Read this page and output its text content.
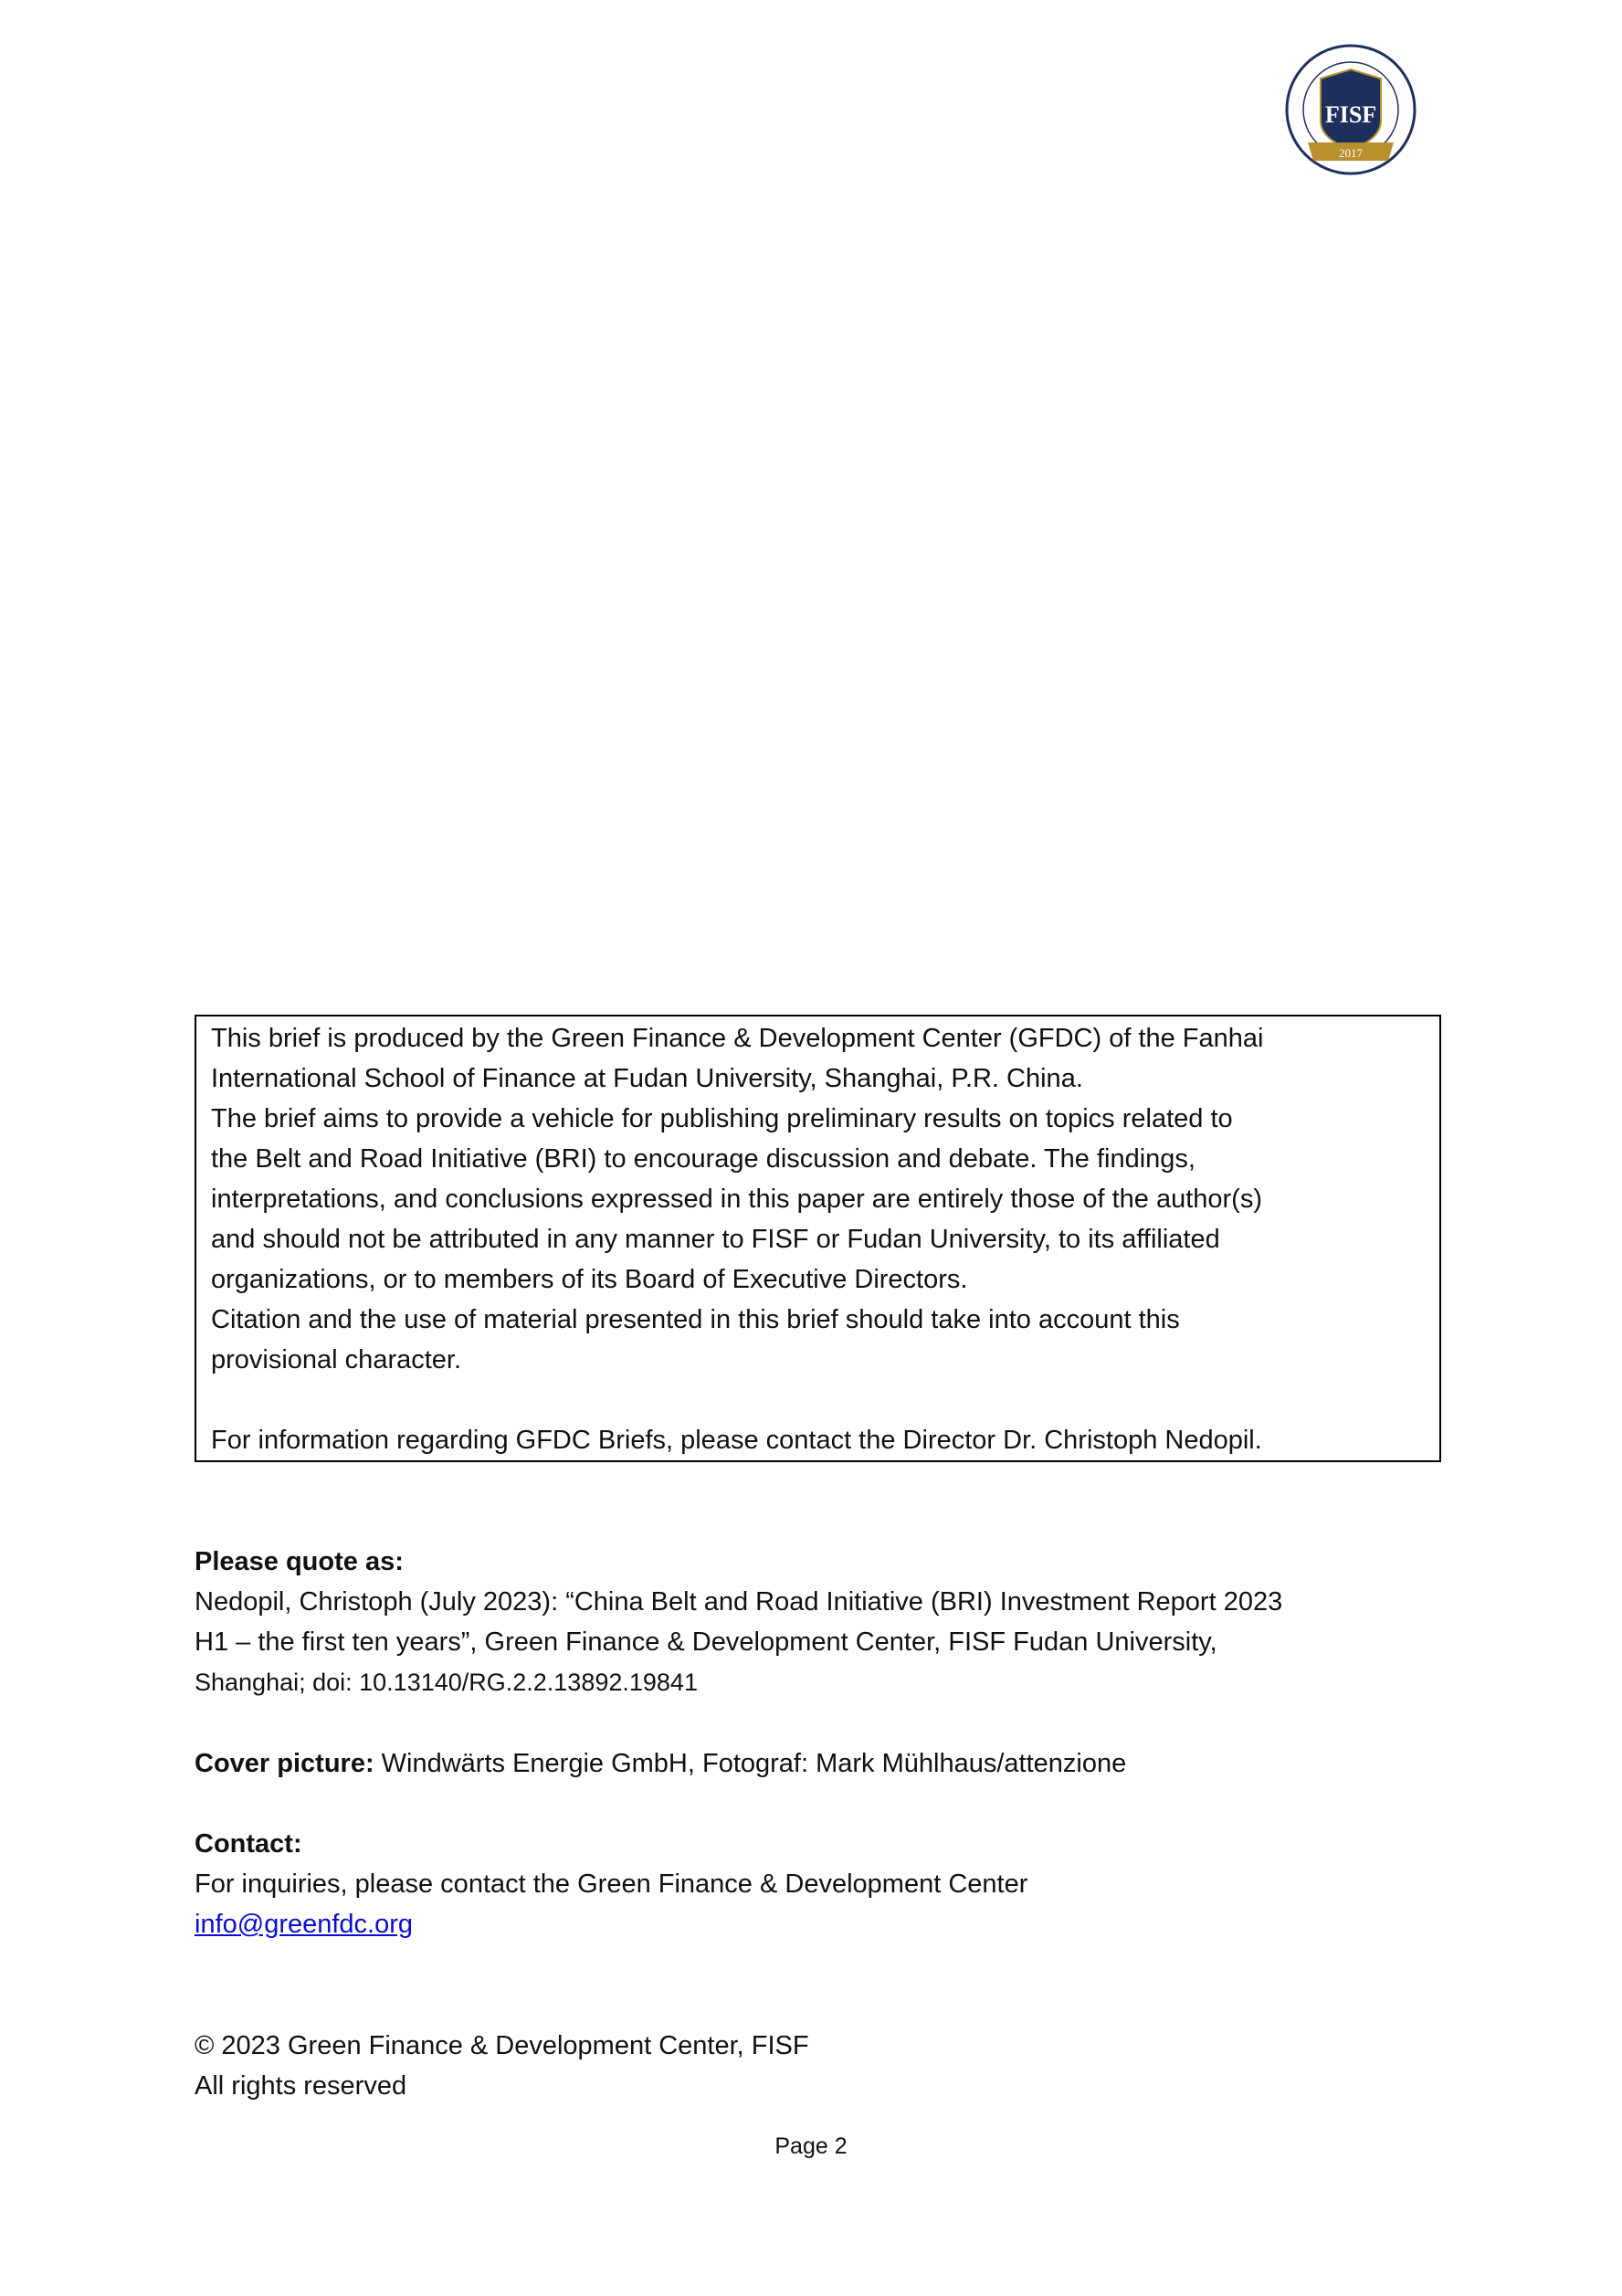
FISF
2017
This brief is produced by the Green Finance & Development Center (GFDC) of the Fanhai
International School of Finance at Fudan University, Shanghai, P.R. China.
The brief aims to provide a vehicle for publishing preliminary results on topics related to
the Belt and Road Initiative (BRI) to encourage discussion and debate. The findings,
interpretations, and conclusions expressed in this paper are entirely those of the author(s)
and should not be attributed in any manner to FISF or Fudan University, to its affiliated
organizations, or to members of its Board of Executive Directors.
Citation and the use of material presented in this brief should take into account this
provisional character.
For information regarding GFDC Briefs, please contact the Director Dr. Christoph Nedopil.
Please quote as:
Nedopil, Christoph (July 2023): “China Belt and Road Initiative (BRI) Investment Report 2023
H1 – the first ten years”, Green Finance & Development Center, FISF Fudan University,
Shanghai; doi: 10.13140/RG.2.2.13892.19841
Cover picture: Windwärts Energie GmbH, Fotograf: Mark Mühlhaus/attenzione
Contact:
For inquiries, please contact the Green Finance & Development Center
info@greenfdc.org
© 2023 Green Finance & Development Center, FISF
All rights reserved
Page 2
